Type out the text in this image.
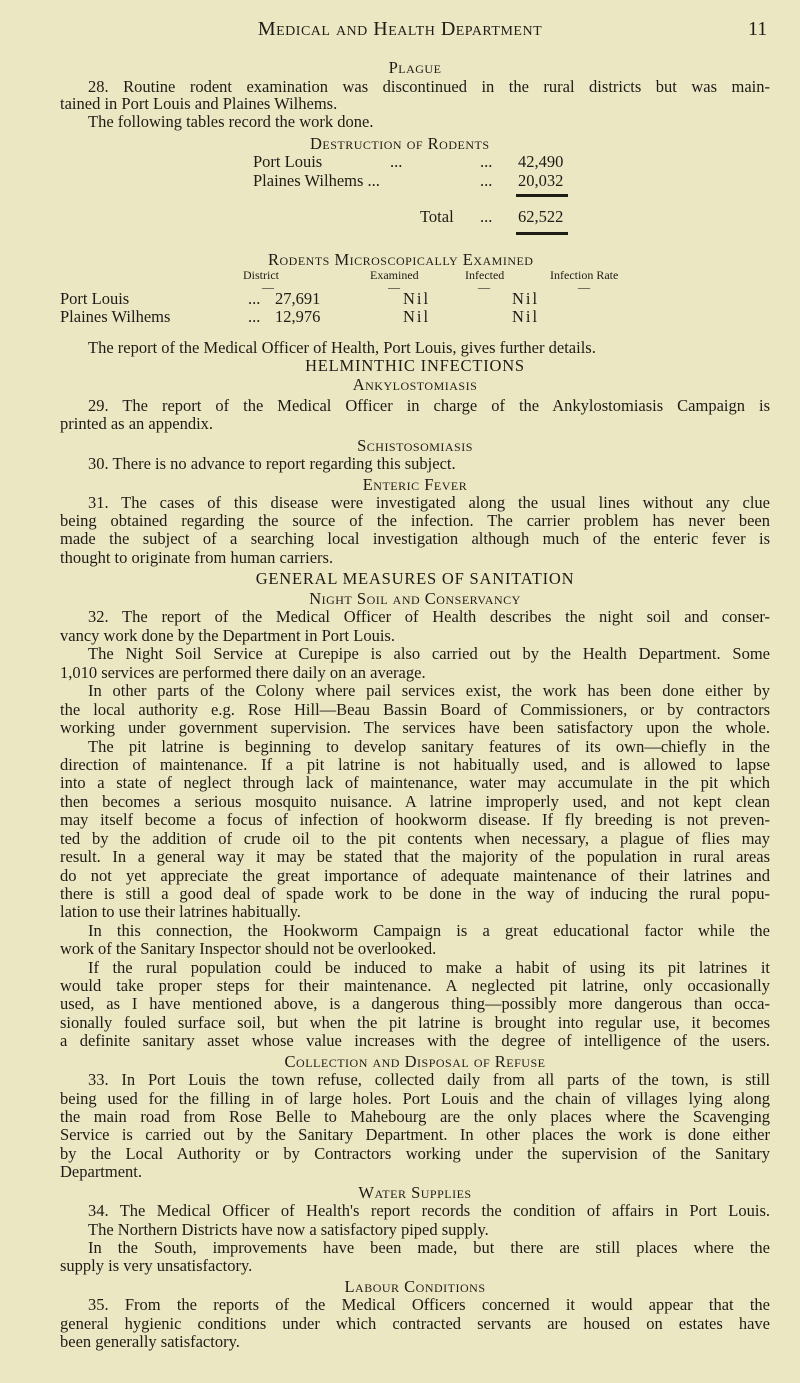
Medical and Health Department	11
Plague
28. Routine rodent examination was discontinued in the rural districts but was main-
tained in Port Louis and Plaines Wilhems.
The following tables record the work done.
Destruction of Rodents
Port Louis	...	... 42,490
Plaines Wilhems ...	... 20,032
Total ... 62,522
Rodents Microscopically Examined
District	Examined	Infected	Infection Rate
—	—	—	—
Port Louis	... 27,691	Nil	Nil
Plaines Wilhems	... 12,976	Nil	Nil
The report of the Medical Officer of Health, Port Louis, gives further details.
HELMINTHIC INFECTIONS
Ankylostomiasis
29. The report of the Medical Officer in charge of the Ankylostomiasis Campaign is
printed as an appendix.
Schistosomiasis
30. There is no advance to report regarding this subject.
Enteric Fever
31. The cases of this disease were investigated along the usual lines without any clue
being obtained regarding the source of the infection. The carrier problem has never been
made the subject of a searching local investigation although much of the enteric fever is
thought to originate from human carriers.
GENERAL MEASURES OF SANITATION
Night Soil and Conservancy
32. The report of the Medical Officer of Health describes the night soil and conser-
vancy work done by the Department in Port Louis.
The Night Soil Service at Curepipe is also carried out by the Health Department. Some
1,010 services are performed there daily on an average.
In other parts of the Colony where pail services exist, the work has been done either by
the local authority e.g. Rose Hill—Beau Bassin Board of Commissioners, or by contractors
working under government supervision. The services have been satisfactory upon the whole.
The pit latrine is beginning to develop sanitary features of its own—chiefly in the
direction of maintenance. If a pit latrine is not habitually used, and is allowed to lapse
into a state of neglect through lack of maintenance, water may accumulate in the pit which
then becomes a serious mosquito nuisance. A latrine improperly used, and not kept clean
may itself become a focus of infection of hookworm disease. If fly breeding is not preven-
ted by the addition of crude oil to the pit contents when necessary, a plague of flies may
result. In a general way it may be stated that the majority of the population in rural areas
do not yet appreciate the great importance of adequate maintenance of their latrines and
there is still a good deal of spade work to be done in the way of inducing the rural popu-
lation to use their latrines habitually.
In this connection, the Hookworm Campaign is a great educational factor while the
work of the Sanitary Inspector should not be overlooked.
If the rural population could be induced to make a habit of using its pit latrines it
would take proper steps for their maintenance. A neglected pit latrine, only occasionally
used, as I have mentioned above, is a dangerous thing—possibly more dangerous than occa-
sionally fouled surface soil, but when the pit latrine is brought into regular use, it becomes
a definite sanitary asset whose value increases with the degree of intelligence of the users.
Collection and Disposal of Refuse
33. In Port Louis the town refuse, collected daily from all parts of the town, is still
being used for the filling in of large holes. Port Louis and the chain of villages lying along
the main road from Rose Belle to Mahebourg are the only places where the Scavenging
Service is carried out by the Sanitary Department. In other places the work is done either
by the Local Authority or by Contractors working under the supervision of the Sanitary
Department.
Water Supplies
34. The Medical Officer of Health's report records the condition of affairs in Port Louis.
The Northern Districts have now a satisfactory piped supply.
In the South, improvements have been made, but there are still places where the
supply is very unsatisfactory.
Labour Conditions
35. From the reports of the Medical Officers concerned it would appear that the
general hygienic conditions under which contracted servants are housed on estates have
been generally satisfactory.
